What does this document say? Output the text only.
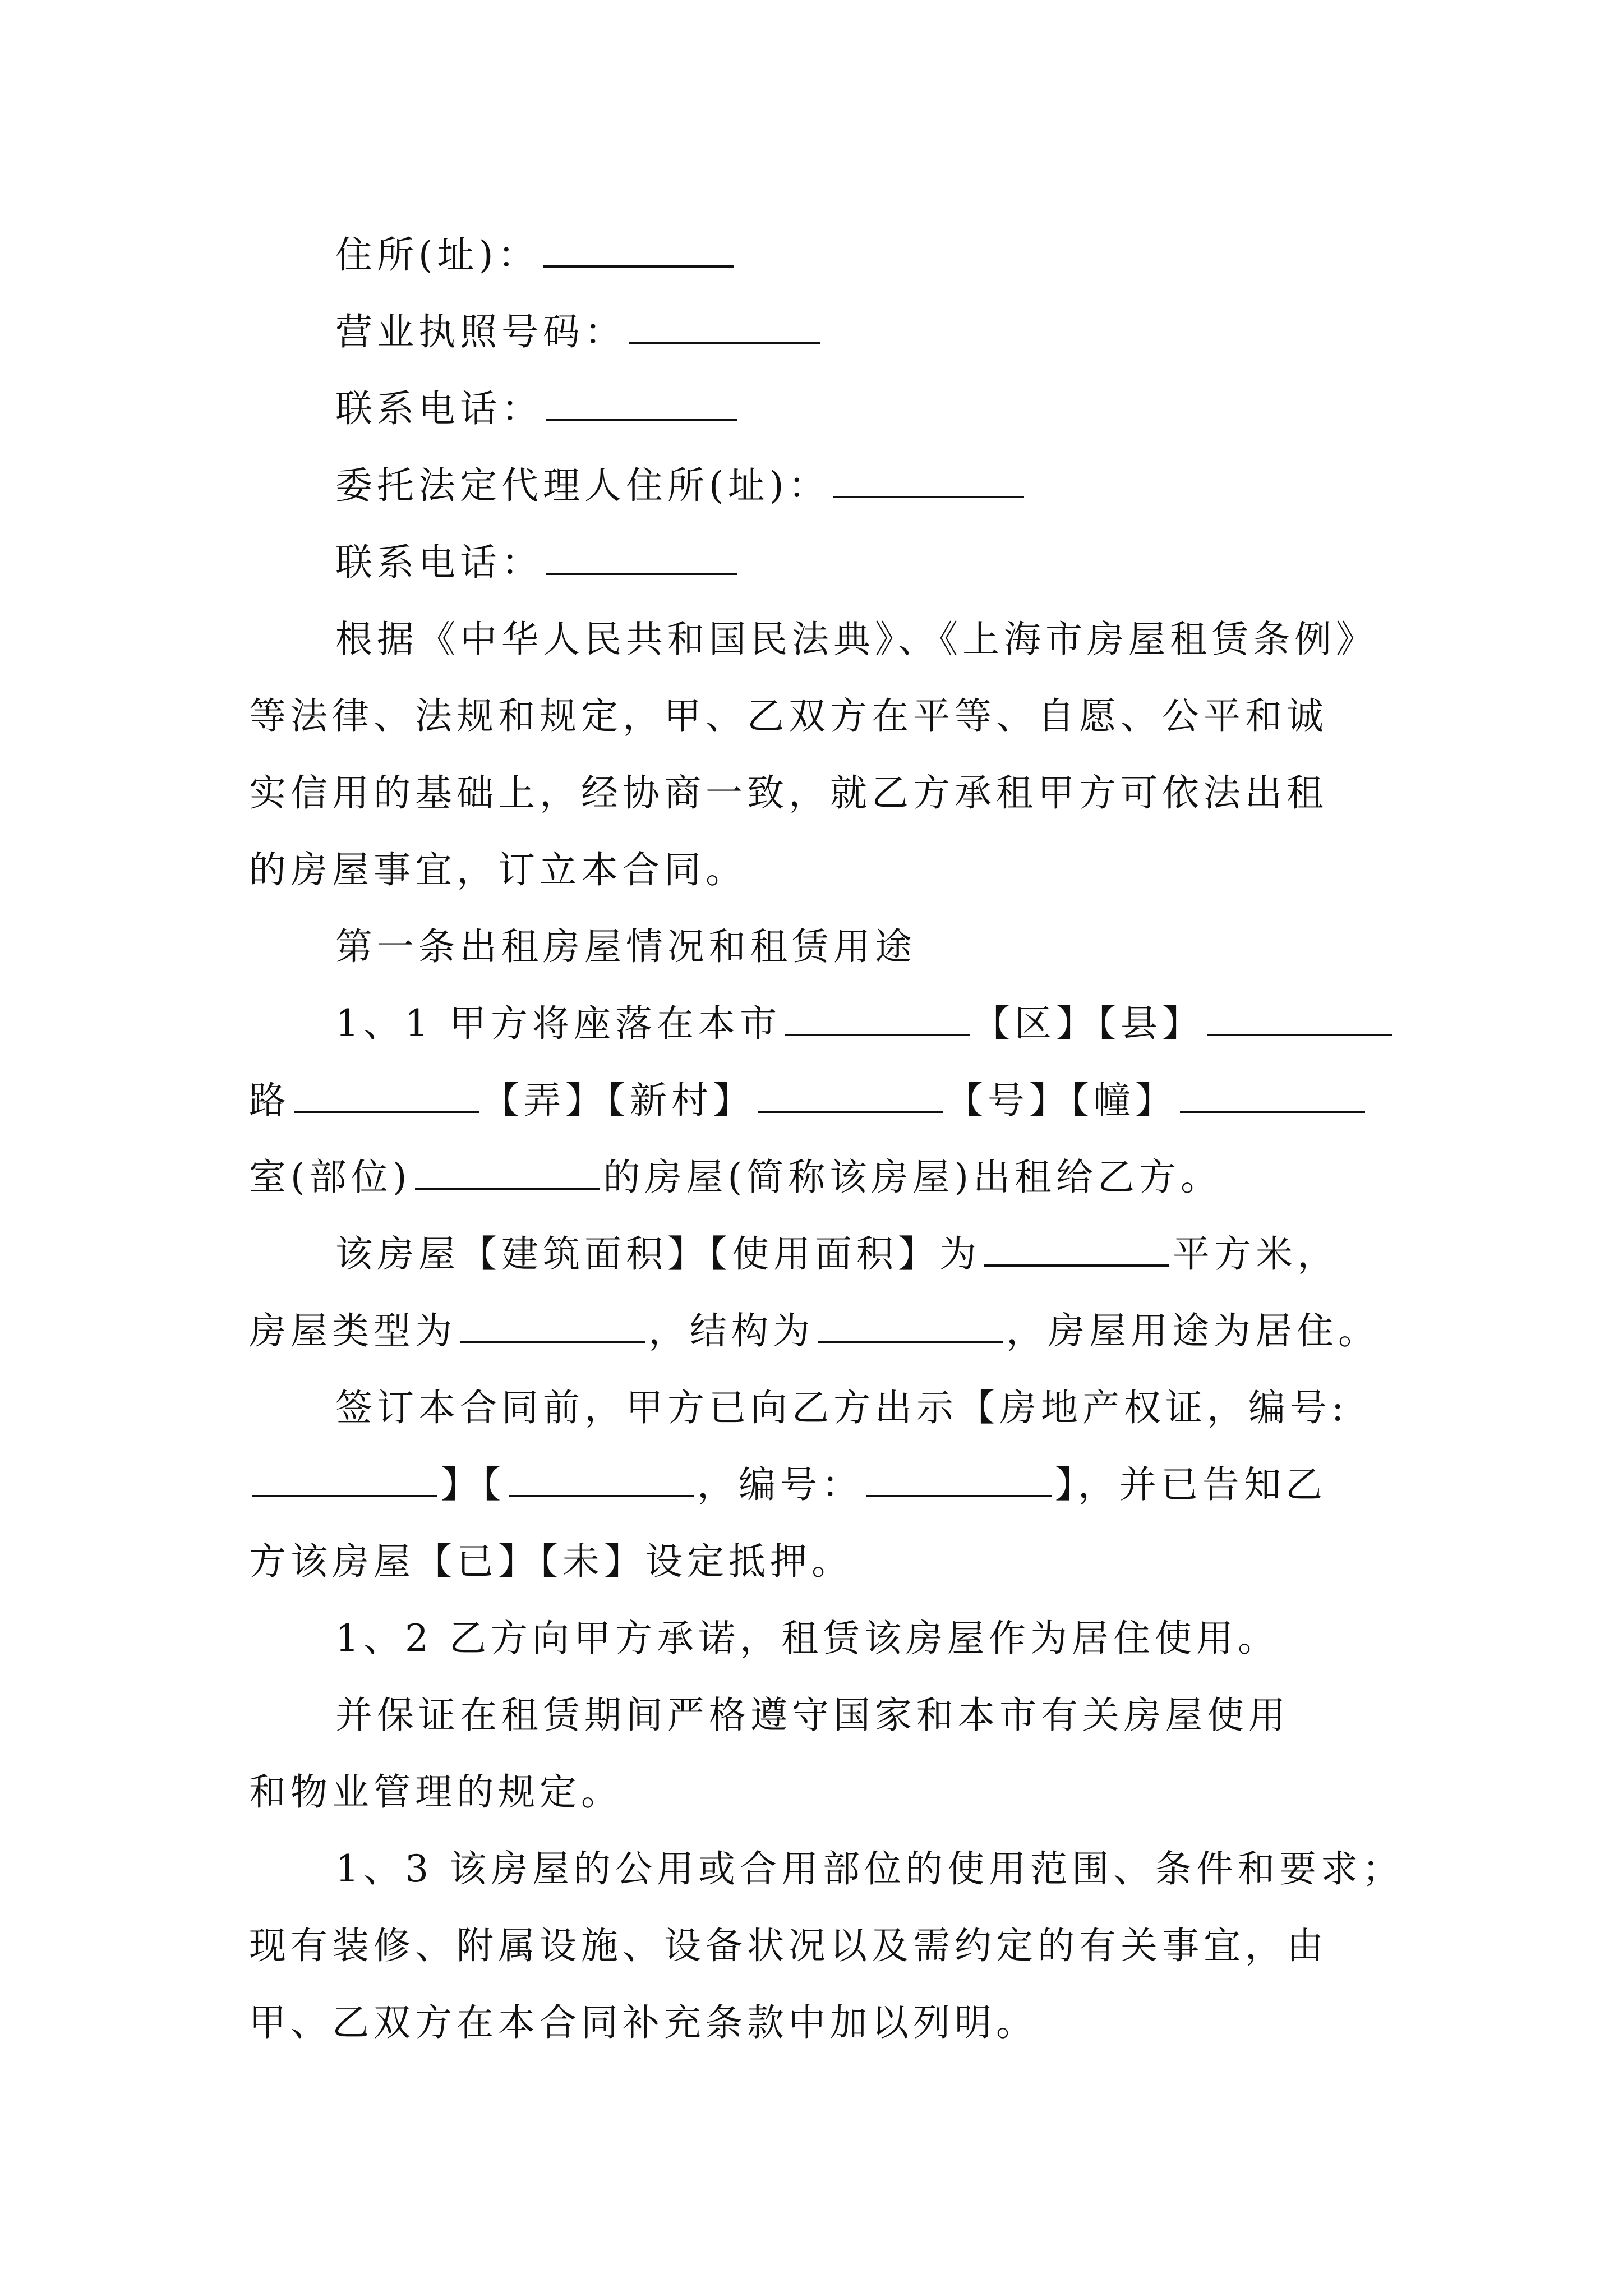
住所(址)：
营业执照号码：
联系电话：
委托法定代理人住所(址)：
联系电话：
根据《中华人民共和国民法典》、《上海市房屋租赁条例》
等法律、法规和规定，甲、乙双方在平等、自愿、公平和诚
实信用的基础上，经协商一致，就乙方承租甲方可依法出租
的房屋事宜，订立本合同。
第一条出租房屋情况和租赁用途
1、1 甲方将座落在本市	【区】【县】
路	【弄】【新村】	【号】【幢】
室(部位)	的房屋(简称该房屋)出租给乙方。
该房屋【建筑面积】【使用面积】为	平方米，
房屋类型为	，结构为	，房屋用途为居住。
签订本合同前，甲方已向乙方出示【房地产权证，编号:
】【	，编号：	】，并已告知乙
方该房屋【已】【未】设定抵押。
1、2 乙方向甲方承诺，租赁该房屋作为居住使用。
并保证在租赁期间严格遵守国家和本市有关房屋使用
和物业管理的规定。
1、3 该房屋的公用或合用部位的使用范围、条件和要求；
现有装修、附属设施、设备状况以及需约定的有关事宜，由
甲、乙双方在本合同补充条款中加以列明。
